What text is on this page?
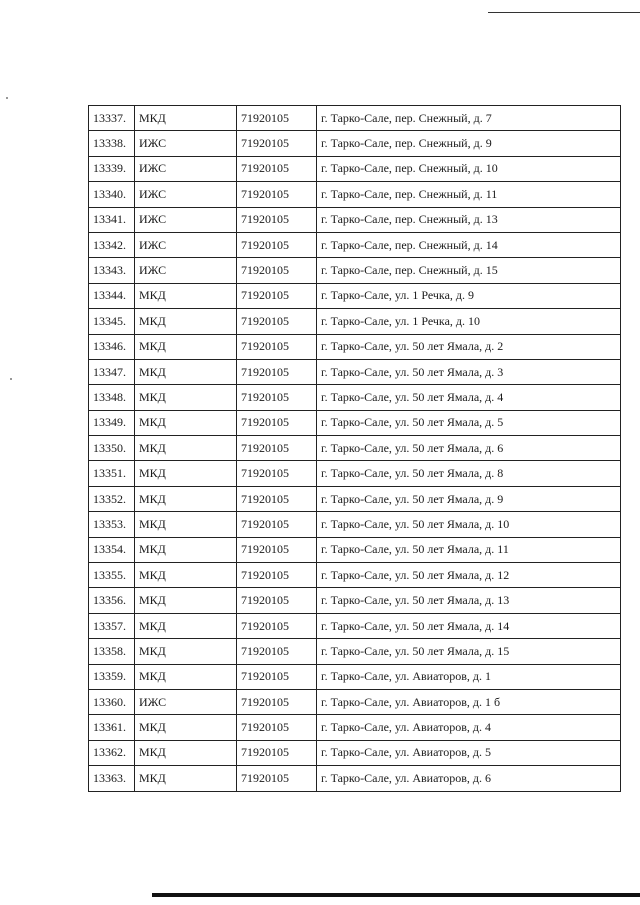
13337.	МКД	71920105	г. Тарко-Сале, пер. Снежный, д. 7
13338.	ИЖС	71920105	г. Тарко-Сале, пер. Снежный, д. 9
13339.	ИЖС	71920105	г. Тарко-Сале, пер. Снежный, д. 10
13340.	ИЖС	71920105	г. Тарко-Сале, пер. Снежный, д. 11
13341.	ИЖС	71920105	г. Тарко-Сале, пер. Снежный, д. 13
13342.	ИЖС	71920105	г. Тарко-Сале, пер. Снежный, д. 14
13343.	ИЖС	71920105	г. Тарко-Сале, пер. Снежный, д. 15
13344.	МКД	71920105	г. Тарко-Сале, ул. 1 Речка, д. 9
13345.	МКД	71920105	г. Тарко-Сале, ул. 1 Речка, д. 10
13346.	МКД	71920105	г. Тарко-Сале, ул. 50 лет Ямала, д. 2
13347.	МКД	71920105	г. Тарко-Сале, ул. 50 лет Ямала, д. 3
13348.	МКД	71920105	г. Тарко-Сале, ул. 50 лет Ямала, д. 4
13349.	МКД	71920105	г. Тарко-Сале, ул. 50 лет Ямала, д. 5
13350.	МКД	71920105	г. Тарко-Сале, ул. 50 лет Ямала, д. 6
13351.	МКД	71920105	г. Тарко-Сале, ул. 50 лет Ямала, д. 8
13352.	МКД	71920105	г. Тарко-Сале, ул. 50 лет Ямала, д. 9
13353.	МКД	71920105	г. Тарко-Сале, ул. 50 лет Ямала, д. 10
13354.	МКД	71920105	г. Тарко-Сале, ул. 50 лет Ямала, д. 11
13355.	МКД	71920105	г. Тарко-Сале, ул. 50 лет Ямала, д. 12
13356.	МКД	71920105	г. Тарко-Сале, ул. 50 лет Ямала, д. 13
13357.	МКД	71920105	г. Тарко-Сале, ул. 50 лет Ямала, д. 14
13358.	МКД	71920105	г. Тарко-Сале, ул. 50 лет Ямала, д. 15
13359.	МКД	71920105	г. Тарко-Сале, ул. Авиаторов, д. 1
13360.	ИЖС	71920105	г. Тарко-Сале, ул. Авиаторов, д. 1 б
13361.	МКД	71920105	г. Тарко-Сале, ул. Авиаторов, д. 4
13362.	МКД	71920105	г. Тарко-Сале, ул. Авиаторов, д. 5
13363.	МКД	71920105	г. Тарко-Сале, ул. Авиаторов, д. 6
